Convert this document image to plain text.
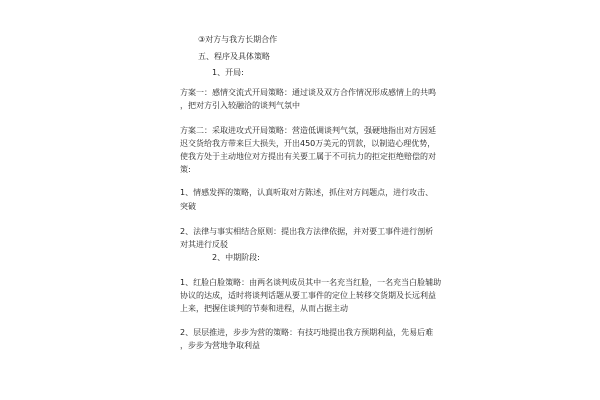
③对方与我方长期合作
五、程序及具体策略
1、开局:
方案一：感情交流式开局策略：通过谈及双方合作情况形成感情上的共鸣
，把对方引入较融洽的谈判气氛中
方案二：采取进攻式开局策略：营造低调谈判气氛，强硬地指出对方因延
迟交货给我方带来巨大损失，开出450万美元的罚款，以制造心理优势，
使我方处于主动地位对方提出有关要工属于不可抗力的拒定拒绝赔偿的对
策:
1、情感发挥的策略，认真听取对方陈述，抓住对方问题点，进行攻击、
突破
2、法律与事实相结合原则：提出我方法律依据，并对要工事件进行剖析
对其进行反驳
2、中期阶段:
1、红脸白脸策略：由两名谈判成员其中一名充当红脸，一名充当白脸辅助
协议的达成，适时将谈判话题从要工事件的定位上转移交货期及长远利益
上来，把握住谈判的节奏和进程，从而占据主动
2、层层推进，步步为营的策略：有技巧地提出我方预期利益，先易后难
，步步为营地争取利益
